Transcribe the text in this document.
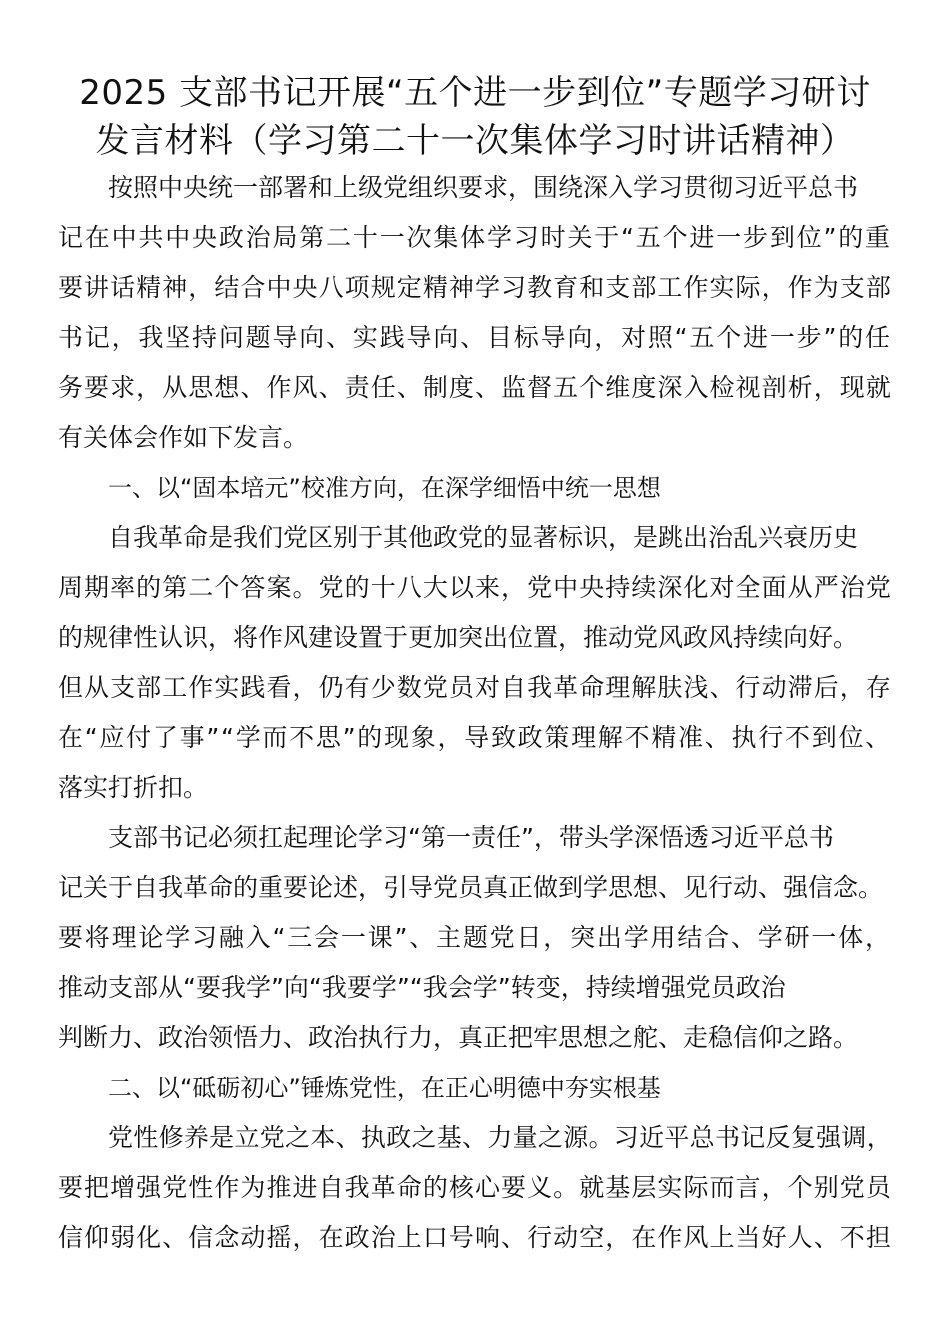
2025 支部书记开展“五个进一步到位”专题学习研讨
发言材料（学习第二十一次集体学习时讲话精神）
按照中央统一部署和上级党组织要求，围绕深入学习贯彻习近平总书
记在中共中央政治局第二十一次集体学习时关于“五个进一步到位”的重
要讲话精神，结合中央八项规定精神学习教育和支部工作实际，作为支部
书记，我坚持问题导向、实践导向、目标导向，对照“五个进一步”的任
务要求，从思想、作风、责任、制度、监督五个维度深入检视剖析，现就
有关体会作如下发言。
一、以“固本培元”校准方向，在深学细悟中统一思想
自我革命是我们党区别于其他政党的显著标识，是跳出治乱兴衰历史
周期率的第二个答案。党的十八大以来，党中央持续深化对全面从严治党
的规律性认识，将作风建设置于更加突出位置，推动党风政风持续向好。
但从支部工作实践看，仍有少数党员对自我革命理解肤浅、行动滞后，存
在“应付了事”“学而不思”的现象，导致政策理解不精准、执行不到位、
落实打折扣。
支部书记必须扛起理论学习“第一责任”，带头学深悟透习近平总书
记关于自我革命的重要论述，引导党员真正做到学思想、见行动、强信念。
要将理论学习融入“三会一课”、主题党日，突出学用结合、学研一体，
推动支部从“要我学”向“我要学”“我会学”转变，持续增强党员政治
判断力、政治领悟力、政治执行力，真正把牢思想之舵、走稳信仰之路。
二、以“砥砺初心”锤炼党性，在正心明德中夯实根基
党性修养是立党之本、执政之基、力量之源。习近平总书记反复强调，
要把增强党性作为推进自我革命的核心要义。就基层实际而言，个别党员
信仰弱化、信念动摇，在政治上口号响、行动空，在作风上当好人、不担
